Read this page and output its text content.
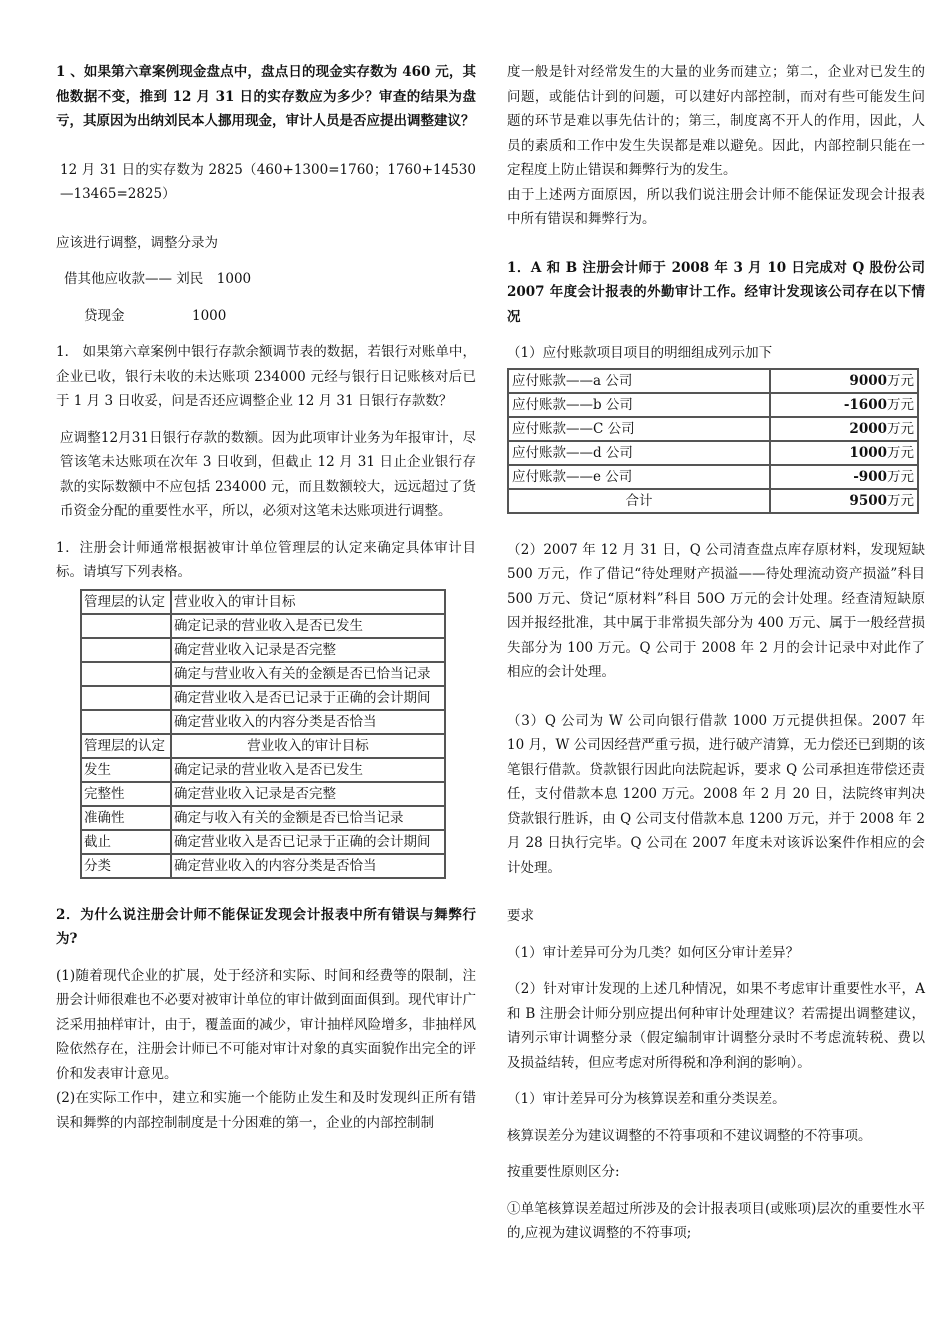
1 、如果第六章案例现金盘点中，盘点日的现金实存数为 460 元，其他数据不变，推到 12 月 31 日的实存数应为多少？审查的结果为盘亏，其原因为出纳刘民本人挪用现金，审计人员是否应提出调整建议？

12 月 31 日的实存数为 2825（460+1300=1760；1760+14530—13465=2825）

应该进行调整，调整分录为

借其他应收款—— 刘民　1000

贷现金　　　　　1000

1． 如果第六章案例中银行存款余额调节表的数据，若银行对账单中，企业已收，银行未收的未达账项 234000 元经与银行日记账核对后已于 1 月 3 日收妥，问是否还应调整企业 12 月 31 日银行存款数？

应调整12月31日银行存款的数额。因为此项审计业务为年报审计，尽管该笔未达账项在次年 3 日收到，但截止 12 月 31 日止企业银行存款的实际数额中不应包括 234000 元，而且数额较大，远远超过了货币资金分配的重要性水平，所以，必须对这笔未达账项进行调整。

1．注册会计师通常根据被审计单位管理层的认定来确定具体审计目标。请填写下列表格。

管理层的认定	营业收入的审计目标
	确定记录的营业收入是否已发生
	确定营业收入记录是否完整
	确定与营业收入有关的金额是否已恰当记录
	确定营业收入是否已记录于正确的会计期间
	确定营业收入的内容分类是否恰当
管理层的认定	营业收入的审计目标
发生	确定记录的营业收入是否已发生
完整性	确定营业收入记录是否完整
准确性	确定与收入有关的金额是否已恰当记录
截止	确定营业收入是否已记录于正确的会计期间
分类	确定营业收入的内容分类是否恰当

2．为什么说注册会计师不能保证发现会计报表中所有错误与舞弊行为?

(1)随着现代企业的扩展，处于经济和实际、时间和经费等的限制，注册会计师很难也不必要对被审计单位的审计做到面面俱到。现代审计广泛采用抽样审计，由于，覆盖面的减少，审计抽样风险增多，非抽样风险依然存在，注册会计师已不可能对审计对象的真实面貌作出完全的评价和发表审计意见。

(2)在实际工作中，建立和实施一个能防止发生和及时发现纠正所有错误和舞弊的内部控制制度是十分困难的第一，企业的内部控制制

度一般是针对经常发生的大量的业务而建立；第二，企业对已发生的问题，或能估计到的问题，可以建好内部控制，而对有些可能发生问题的环节是难以事先估计的；第三，制度离不开人的作用，因此，人员的素质和工作中发生失误都是难以避免。因此，内部控制只能在一定程度上防止错误和舞弊行为的发生。

由于上述两方面原因，所以我们说注册会计师不能保证发现会计报表中所有错误和舞弊行为。

1．A 和 B 注册会计师于 2008 年 3 月 10 日完成对 Q 股份公司 2007 年度会计报表的外勤审计工作。经审计发现该公司存在以下情况

（1）应付账款项目项目的明细组成列示加下

应付账款——a 公司	9000万元
应付账款——b 公司	-1600万元
应付账款——C 公司	2000万元
应付账款——d 公司	1000万元
应付账款——e 公司	-900万元
合计	9500万元

（2）2007 年 12 月 31 日，Q 公司清查盘点库存原材料，发现短缺 500 万元，作了借记“待处理财产损溢——待处理流动资产损溢”科目 500 万元、贷记“原材料”科目 50O 万元的会计处理。经查清短缺原因并报经批准，其中属于非常损失部分为 400 万元、属于一般经营损失部分为 100 万元。Q 公司于 2008 年 2 月的会计记录中对此作了相应的会计处理。

（3）Q 公司为 W 公司向银行借款 1000 万元提供担保。2007 年 10 月，W 公司因经营严重亏损，进行破产清算，无力偿还已到期的该笔银行借款。贷款银行因此向法院起诉，要求 Q 公司承担连带偿还责任，支付借款本息 1200 万元。2008 年 2 月 20 日，法院终审判决贷款银行胜诉，由 Q 公司支付借款本息 1200 万元，并于 2008 年 2 月 28 日执行完毕。Q 公司在 2007 年度未对该诉讼案件作相应的会计处理。

要求

（1）审计差异可分为几类？如何区分审计差异？

（2）针对审计发现的上述几种情况，如果不考虑审计重要性水平，A 和 B 注册会计师分别应提出何种审计处理建议？若需提出调整建议，请列示审计调整分录（假定编制审计调整分录时不考虑流转税、费以及损益结转，但应考虑对所得税和净利润的影响）。

（1）审计差异可分为核算误差和重分类误差。

核算误差分为建议调整的不符事项和不建议调整的不符事项。

按重要性原则区分:

①单笔核算误差超过所涉及的会计报表项目(或账项)层次的重要性水平的,应视为建议调整的不符事项;
